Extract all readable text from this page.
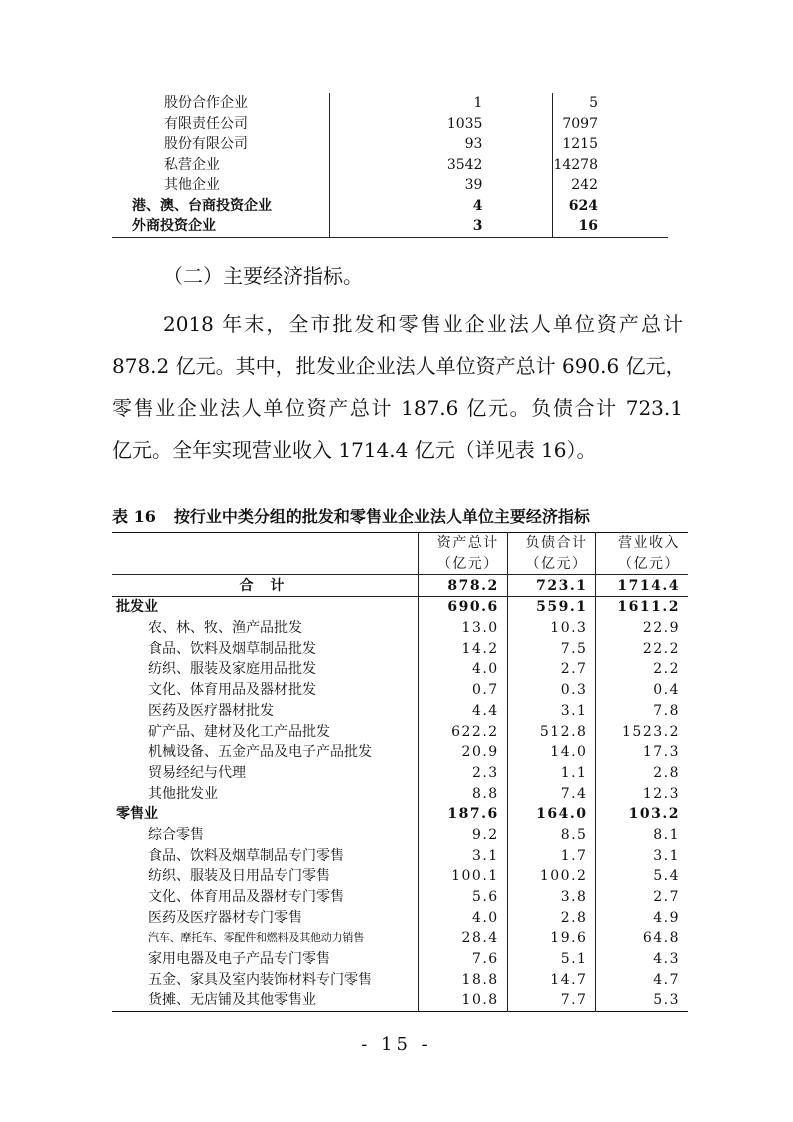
股份合作企业	1	5
有限责任公司	1035	7097
股份有限公司	93	1215
私营企业	3542	14278
其他企业	39	242
港、澳、台商投资企业	4	624
外商投资企业	3	16

（二）主要经济指标。

2018 年末，全市批发和零售业企业法人单位资产总计

878.2 亿元。其中，批发业企业法人单位资产总计 690.6 亿元，

零售业企业法人单位资产总计 187.6 亿元。负债合计 723.1

亿元。全年实现营业收入 1714.4 亿元（详见表 16）。

表 16 按行业中类分组的批发和零售业企业法人单位主要经济指标
	资产总计	负债合计	营业收入
	（亿元）	（亿元）	（亿元）
合 计	878.2	723.1	1714.4
批发业	690.6	559.1	1611.2
农、林、牧、渔产品批发	13.0	10.3	22.9
食品、饮料及烟草制品批发	14.2	7.5	22.2
纺织、服装及家庭用品批发	4.0	2.7	2.2
文化、体育用品及器材批发	0.7	0.3	0.4
医药及医疗器材批发	4.4	3.1	7.8
矿产品、建材及化工产品批发	622.2	512.8	1523.2
机械设备、五金产品及电子产品批发	20.9	14.0	17.3
贸易经纪与代理	2.3	1.1	2.8
其他批发业	8.8	7.4	12.3
零售业	187.6	164.0	103.2
综合零售	9.2	8.5	8.1
食品、饮料及烟草制品专门零售	3.1	1.7	3.1
纺织、服装及日用品专门零售	100.1	100.2	5.4
文化、体育用品及器材专门零售	5.6	3.8	2.7
医药及医疗器材专门零售	4.0	2.8	4.9
汽车、摩托车、零配件和燃料及其他动力销售	28.4	19.6	64.8
家用电器及电子产品专门零售	7.6	5.1	4.3
五金、家具及室内装饰材料专门零售	18.8	14.7	4.7
货摊、无店铺及其他零售业	10.8	7.7	5.3
- 15 -
